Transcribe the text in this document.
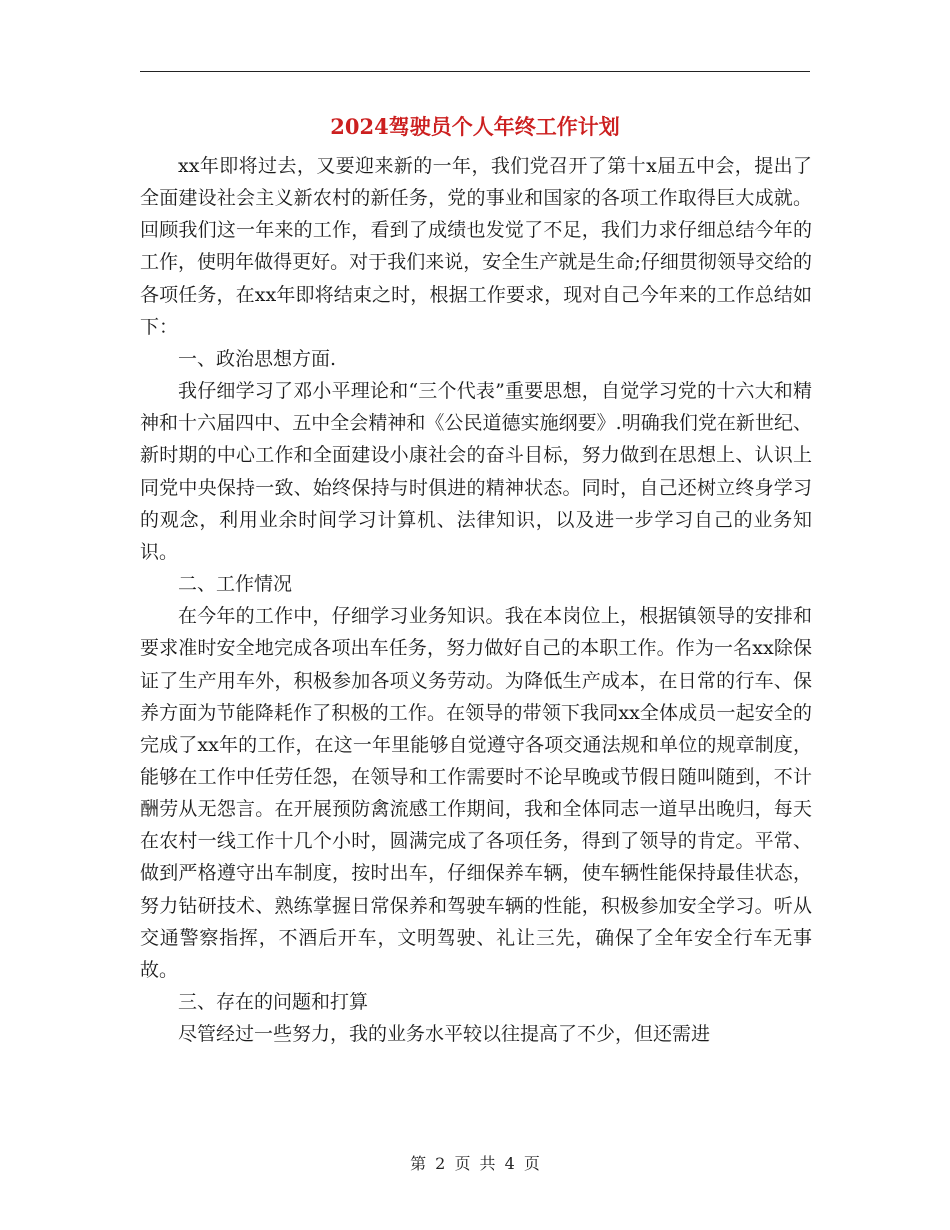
2024驾驶员个人年终工作计划

xx年即将过去，又要迎来新的一年，我们党召开了第十x届五中会，提出了全面建设社会主义新农村的新任务，党的事业和国家的各项工作取得巨大成就。回顾我们这一年来的工作，看到了成绩也发觉了不足，我们力求仔细总结今年的工作，使明年做得更好。对于我们来说，安全生产就是生命;仔细贯彻领导交给的各项任务，在xx年即将结束之时，根据工作要求，现对自己今年来的工作总结如下：

一、政治思想方面.

我仔细学习了邓小平理论和“三个代表”重要思想，自觉学习党的十六大和精神和十六届四中、五中全会精神和《公民道德实施纲要》.明确我们党在新世纪、新时期的中心工作和全面建设小康社会的奋斗目标，努力做到在思想上、认识上同党中央保持一致、始终保持与时俱进的精神状态。同时，自己还树立终身学习的观念，利用业余时间学习计算机、法律知识，以及进一步学习自己的业务知识。

二、工作情况

在今年的工作中，仔细学习业务知识。我在本岗位上，根据镇领导的安排和要求准时安全地完成各项出车任务，努力做好自己的本职工作。作为一名xx除保证了生产用车外，积极参加各项义务劳动。为降低生产成本，在日常的行车、保养方面为节能降耗作了积极的工作。在领导的带领下我同xx全体成员一起安全的完成了xx年的工作，在这一年里能够自觉遵守各项交通法规和单位的规章制度，能够在工作中任劳任怨，在领导和工作需要时不论早晚或节假日随叫随到，不计酬劳从无怨言。在开展预防禽流感工作期间，我和全体同志一道早出晚归，每天在农村一线工作十几个小时，圆满完成了各项任务，得到了领导的肯定。平常、做到严格遵守出车制度，按时出车，仔细保养车辆，使车辆性能保持最佳状态，努力钻研技术、熟练掌握日常保养和驾驶车辆的性能，积极参加安全学习。听从交通警察指挥，不酒后开车，文明驾驶、礼让三先，确保了全年安全行车无事故。

三、存在的问题和打算

尽管经过一些努力，我的业务水平较以往提高了不少，但还需进

第 2 页 共 4 页
